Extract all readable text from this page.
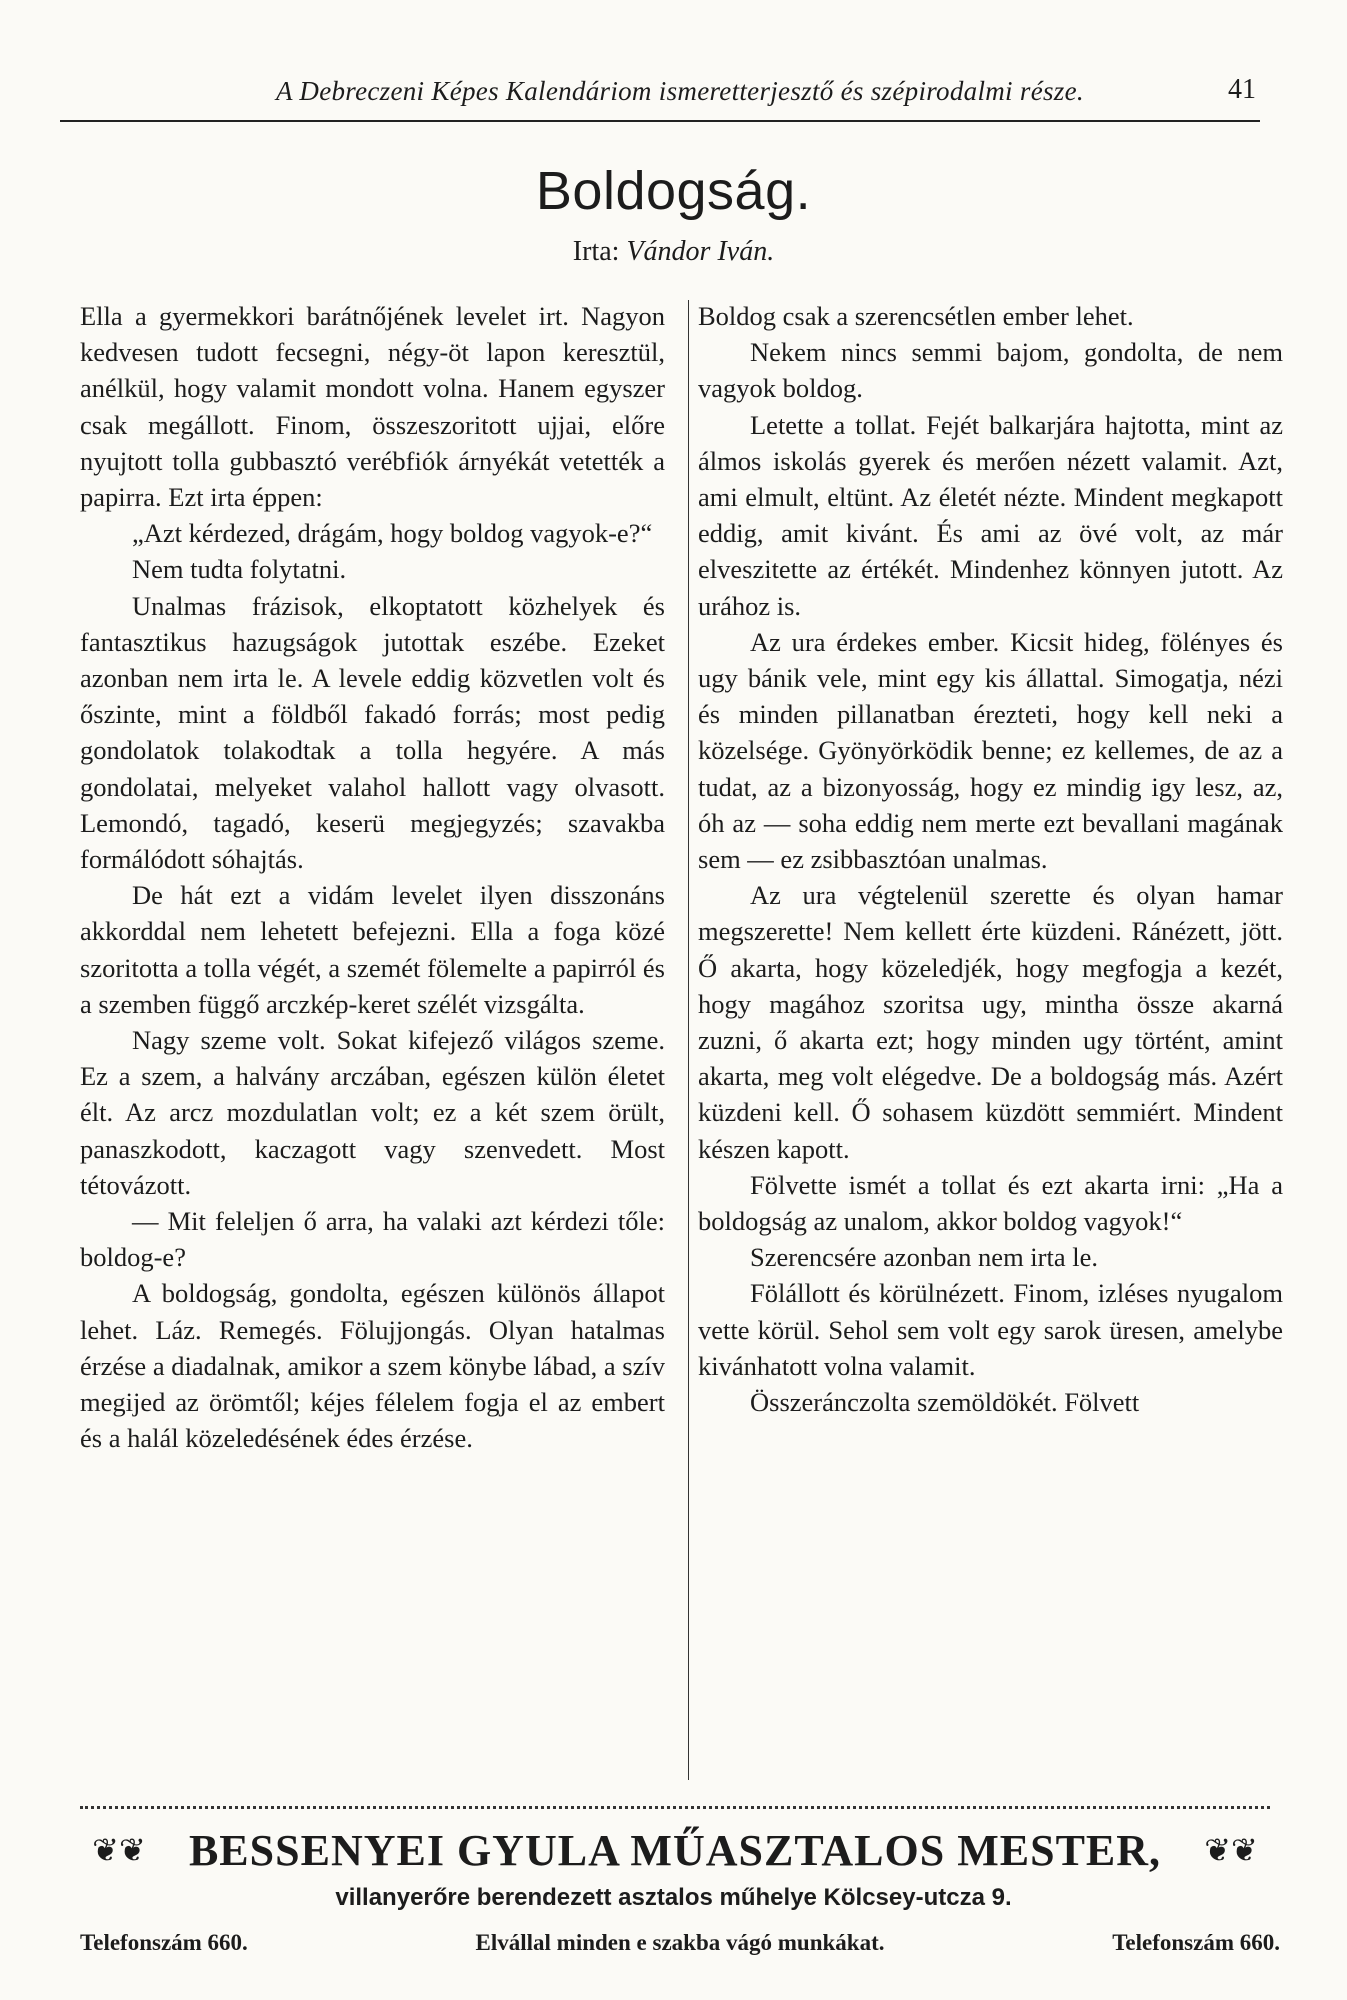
A Debreczeni Képes Kalendáriom ismeretterjesztő és szépirodalmi része.	41
Boldogság.
Irta: Vándor Iván.

Ella a gyermekkori barátnőjének levelet irt. Nagyon kedvesen tudott fecsegni, négy-öt lapon keresztül, anélkül, hogy valamit mondott volna. Hanem egyszer csak megállott. Finom, összeszoritott ujjai, előre nyujtott tolla gubbasztó verébfiók árnyékát vetették a papirra. Ezt irta éppen:

„Azt kérdezed, drágám, hogy boldog vagyok-e?“

Nem tudta folytatni.

Unalmas frázisok, elkoptatott közhelyek és fantasztikus hazugságok jutottak eszébe. Ezeket azonban nem irta le. A levele eddig közvetlen volt és őszinte, mint a földből fakadó forrás; most pedig gondolatok tolakodtak a tolla hegyére. A más gondolatai, melyeket valahol hallott vagy olvasott. Lemondó, tagadó, keserü megjegyzés; szavakba formálódott sóhajtás.

De hát ezt a vidám levelet ilyen disszonáns akkorddal nem lehetett befejezni. Ella a foga közé szoritotta a tolla végét, a szemét fölemelte a papirról és a szemben függő arczkép-keret szélét vizsgálta.

Nagy szeme volt. Sokat kifejező világos szeme. Ez a szem, a halvány arczában, egészen külön életet élt. Az arcz mozdulatlan volt; ez a két szem örült, panaszkodott, kaczagott vagy szenvedett. Most tétovázott.

— Mit feleljen ő arra, ha valaki azt kérdezi tőle: boldog-e?

A boldogság, gondolta, egészen különös állapot lehet. Láz. Remegés. Fölujjongás. Olyan hatalmas érzése a diadalnak, amikor a szem könybe lábad, a szív megijed az örömtől; kéjes félelem fogja el az embert és a halál közeledésének édes érzése.

Boldog csak a szerencsétlen ember lehet.

Nekem nincs semmi bajom, gondolta, de nem vagyok boldog.

Letette a tollat. Fejét balkarjára hajtotta, mint az álmos iskolás gyerek és merően nézett valamit. Azt, ami elmult, eltünt. Az életét nézte. Mindent megkapott eddig, amit kivánt. És ami az övé volt, az már elveszitette az értékét. Mindenhez könnyen jutott. Az urához is.

Az ura érdekes ember. Kicsit hideg, fölényes és ugy bánik vele, mint egy kis állattal. Simogatja, nézi és minden pillanatban érezteti, hogy kell neki a közelsége. Gyönyörködik benne; ez kellemes, de az a tudat, az a bizonyosság, hogy ez mindig igy lesz, az, óh az — soha eddig nem merte ezt bevallani magának sem — ez zsibbasztóan unalmas.

Az ura végtelenül szerette és olyan hamar megszerette! Nem kellett érte küzdeni. Ránézett, jött. Ő akarta, hogy közeledjék, hogy megfogja a kezét, hogy magához szoritsa ugy, mintha össze akarná zuzni, ő akarta ezt; hogy minden ugy történt, amint akarta, meg volt elégedve. De a boldogság más. Azért küzdeni kell. Ő sohasem küzdött semmiért. Mindent készen kapott.

Fölvette ismét a tollat és ezt akarta irni: „Ha a boldogság az unalom, akkor boldog vagyok!“

Szerencsére azonban nem irta le.

Fölállott és körülnézett. Finom, izléses nyugalom vette körül. Sehol sem volt egy sarok üresen, amelybe kivánhatott volna valamit.

Összeránczolta szemöldökét. Fölvett

❦❦ BESSENYEI GYULA MŰASZTALOS MESTER, ❦❦
villanyerőre berendezett asztalos műhelye Kölcsey-utcza 9.
Elvállal minden e szakba vágó munkákat.
Telefonszám 660.	Telefonszám 660.
